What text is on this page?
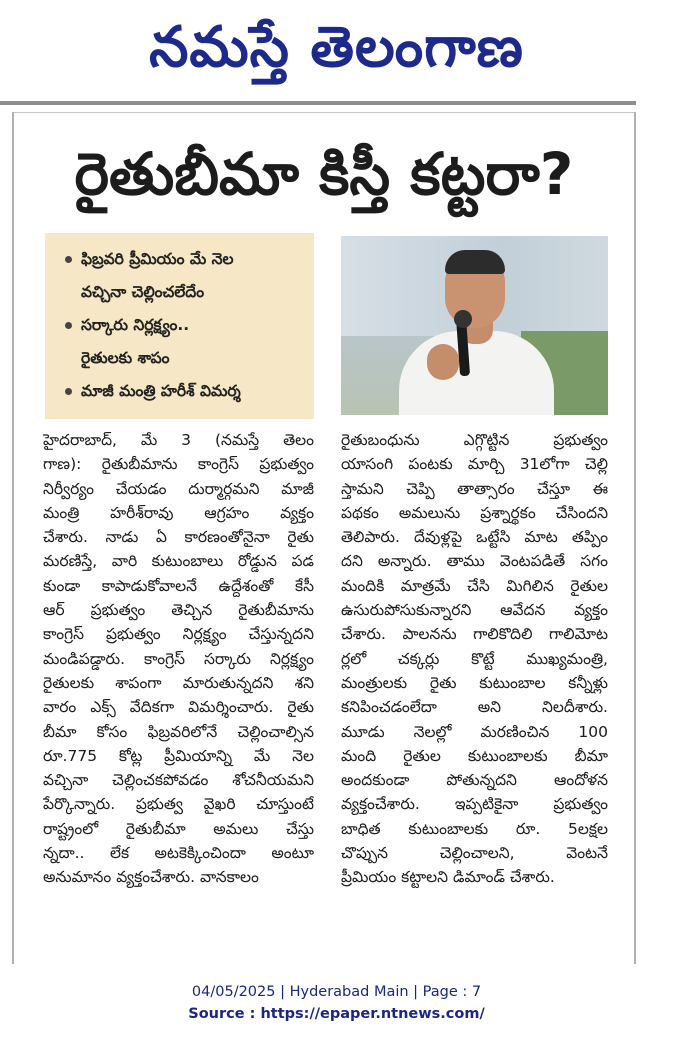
నమస్తే తెలంగాణ
రైతుబీమా కిస్తీ కట్టరా?
ఫిబ్రవరి ప్రీమియం మే నెల
వచ్చినా చెల్లించలేదేం
సర్కారు నిర్లక్ష్యం..
రైతులకు శాపం
మాజీ మంత్రి హరీశ్ విమర్శ
హైదరాబాద్, మే 3 (నమస్తే తెలం
గాణ): రైతుబీమాను కాంగ్రెస్ ప్రభుత్వం
నిర్వీర్యం చేయడం దుర్మార్గమని మాజీ
మంత్రి హరీశ్‌రావు ఆగ్రహం వ్యక్తం
చేశారు. నాడు ఏ కారణంతోనైనా రైతు
మరణిస్తే, వారి కుటుంబాలు రోడ్డున పడ
కుండా కాపాడుకోవాలనే ఉద్దేశంతో కేసీ
ఆర్ ప్రభుత్వం తెచ్చిన రైతుబీమాను
కాంగ్రెస్ ప్రభుత్వం నిర్లక్ష్యం చేస్తున్నదని
మండిపడ్డారు. కాంగ్రెస్ సర్కారు నిర్లక్ష్యం
రైతులకు శాపంగా మారుతున్నదని శని
వారం ఎక్స్ వేదికగా విమర్శించారు. రైతు
బీమా కోసం ఫిబ్రవరిలోనే చెల్లించాల్సిన
రూ.775 కోట్ల ప్రీమియాన్ని మే నెల
వచ్చినా చెల్లించకపోవడం శోచనీయమని
పేర్కొన్నారు. ప్రభుత్వ వైఖరి చూస్తుంటే
రాష్ట్రంలో రైతుబీమా అమలు చేస్తు
న్నదా.. లేక అటకెక్కించిందా అంటూ
అనుమానం వ్యక్తంచేశారు. వానకాలం
రైతుబంధును ఎగ్గొట్టిన ప్రభుత్వం
యాసంగి పంటకు మార్చి 31లోగా చెల్లి
స్తామని చెప్పి తాత్సారం చేస్తూ ఈ
పథకం అమలును ప్రశ్నార్థకం చేసిందని
తెలిపారు. దేవుళ్లపై ఒట్టేసి మాట తప్పిం
దని అన్నారు. తాము వెంటపడితే సగం
మందికి మాత్రమే చేసి మిగిలిన రైతుల
ఉసురుపోసుకున్నారని ఆవేదన వ్యక్తం
చేశారు. పాలనను గాలికొదిలి గాలిమోట
ర్లలో చక్కర్లు కొట్టే ముఖ్యమంత్రి,
మంత్రులకు రైతు కుటుంబాల కన్నీళ్లు
కనిపించడంలేదా అని నిలదీశారు.
మూడు నెలల్లో మరణించిన 100
మంది రైతుల కుటుంబాలకు బీమా
అందకుండా పోతున్నదని ఆందోళన
వ్యక్తంచేశారు. ఇప్పటికైనా ప్రభుత్వం
బాధిత కుటుంబాలకు రూ. 5లక్షల
చొప్పున చెల్లించాలని, వెంటనే
ప్రీమియం కట్టాలని డిమాండ్ చేశారు.
04/05/2025 | Hyderabad Main | Page : 7
Source : https://epaper.ntnews.com/
